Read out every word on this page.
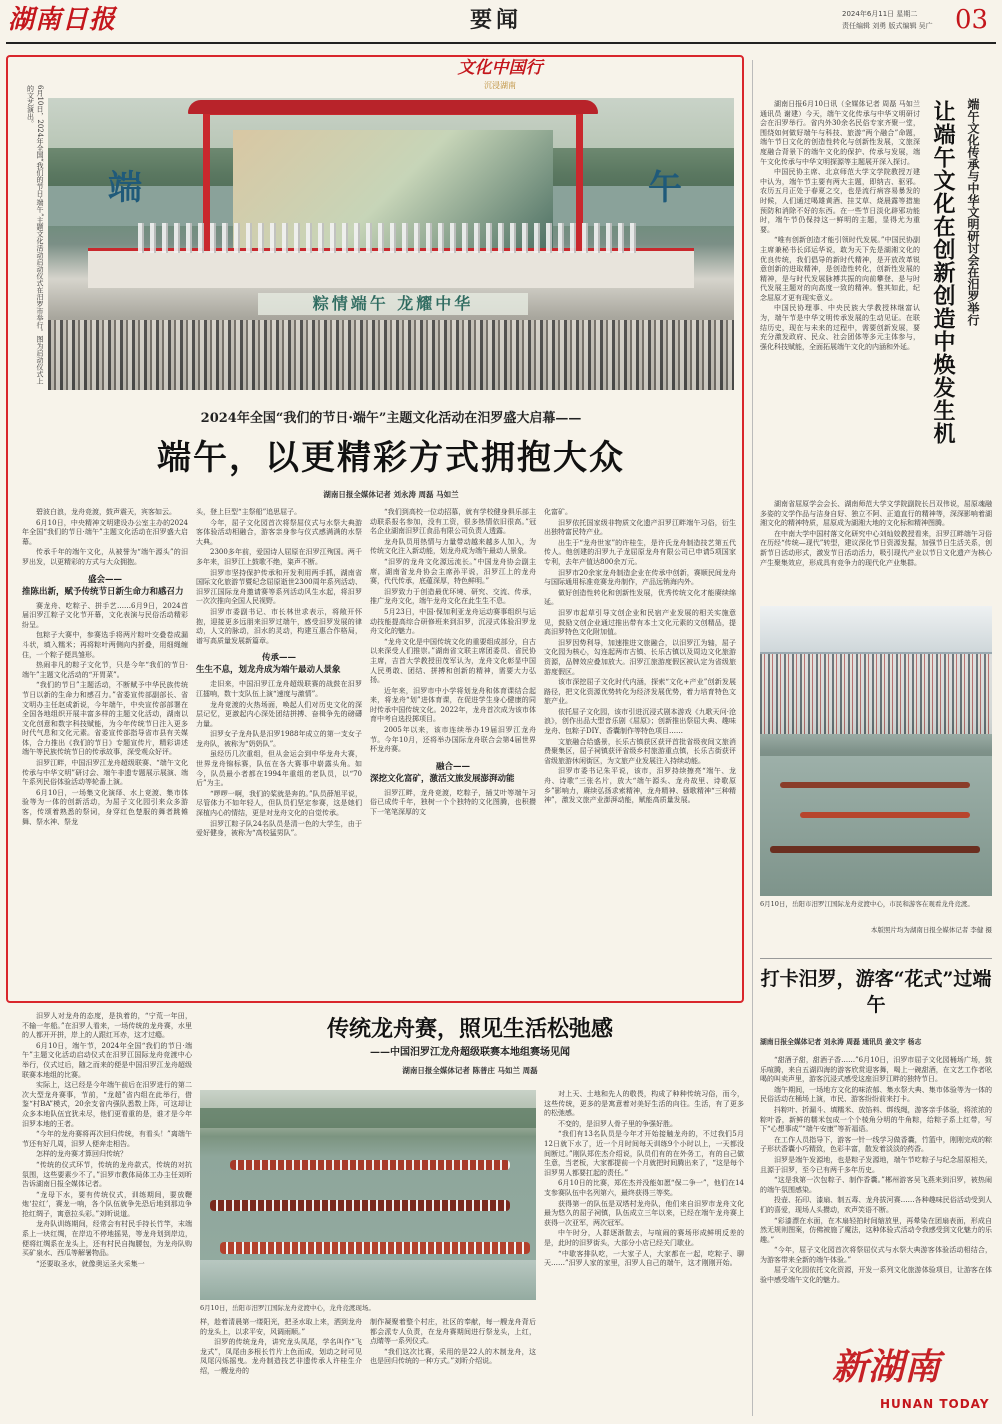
湖南日报	要闻	2024年6月11日 星期二
责任编辑 刘勇 版式编辑 吴广 03
文化中国行
沉浸湖南
6月10日，2024年全国“我们的节日·端午”主题文化活动启动仪式在汨罗市举行。图为启动仪式上的文艺演出。
端	午
粽情端午 龙耀中华
2024年全国“我们的节日·端午”主题文化活动在汨罗盛大启幕——
端午，以更精彩方式拥抱大众
湖南日报全媒体记者 刘永涛 周磊 马如兰

碧波白浪，龙舟竞渡，鼓声震天，宾客如云。

6月10日，中央精神文明建设办公室主办的2024年全国“我们的节日·端午”主题文化活动在汨罗盛大启幕。

传承千年的端午文化，从被誉为“端午源头”的汨罗出发，以更精彩的方式与大众拥抱。

盛会——
推陈出新，赋予传统节日新生命力和感召力

赛龙舟、吃粽子、拼手艺……6月9日，2024首届汨罗江粽子文化节开幕，文化表演与民俗活动精彩纷呈。

包粽子大赛中，参赛选手将两片粽叶交叠卷成漏斗状，填入糯米；再将粽叶两侧向内折叠，用细绳缠住，一个粽子便具雏形。

热闹非凡的粽子文化节，只是今年“我们的节日·端午”主题文化活动的“开胃菜”。

“我们的节日”主题活动，不断赋予中华民族传统节日以新的生命力和感召力。”省委宣传部副部长、省文明办主任赵成新说，今年端午，中央宣传部部署在全国各地组织开展丰富多样的主题文化活动，湖南以文化创意和数字科技赋能，为今年传统节日注入更多时代气息和文化元素。省委宣传部指导省市县有关媒体，合力推出《我们的节日》专题宣传片，精彩讲述端午等民族传统节日的传承故事，深受观众好评。

汨罗江畔，中国汨罗江龙舟超级联赛、“端午文化传承与中华文明”研讨会、端午非遗专题展示展演、端午系列民俗体验活动等轮番上演。

6月10日，一场集文化演绎、水上竞渡、集市体验等为一体的创新活动，为屈子文化园引来众多游客，传颂着熟悉的祭词，身穿红色楚服的舞者跳傩舞、祭水神、祭龙

头，登上巨型“主祭船”追思屈子。

今年，屈子文化园首次将祭屈仪式与水祭大典游客体验活动相融合，游客亲身参与仪式感满满的水祭大典。

2300多年前，爱国诗人屈原在汨罗江殉国。两千多年来，汨罗江上鼓歌不绝，粢声不断。

汨罗市坚持保护传承和开发利用两手抓，湖南省国际文化旅游节暨纪念屈原逝世2300周年系列活动、汨罗江国际龙舟邀请赛等系列活动风生水起，将汨罗一次次推向全国人民视野。

汨罗市委副书记、市长林世求表示，将敞开怀抱，迎接更多远朋来汨罗过端午，感受汨罗发展的律动，人文的脉动，汨水的灵动，构建互惠合作格局，谱写高质量发展新篇章。

传承——
生生不息，划龙舟成为端午最动人景象

走旧来，中国汨罗江龙舟超级联赛的战鼓在汨罗江擂响，数十支队伍上演“速度与激情”。

龙舟竞渡的火热场面，唤起人们对历史文化的深层记忆，更激起内心深处团结拼搏、奋楫争先的磅礴力量。

汨罗女子龙舟队是汨罗1988年成立的第一支女子龙舟队，被称为“奶奶队”。

虽经历几次重组，但从金运会到中华龙舟大赛，世界龙舟锦标赛，队伍在各大赛事中崭露头角。如今，队员最小者都在1994年重组的老队员，以“70后”为主。

“啰啰一啊，我们的桨就是奔的。”队员薛旭平说，尽管体力不如年轻人，但队员们坚定参赛，这是她们深植内心的情结，更是对龙舟文化的自觉传承。

汨罗江粽子队24名队员是清一色的大学生，由于爱好健身，被称为“高校猛男队”。

“我们到高校一位动招慕，就有学校健身俱乐部主动联系报名参加，没有工资，很多热情依旧很高。”冠名企业湖南汨罗江食品有限公司负责人透露。

龙舟队员用热情与力量带动越来越多人加入，为传统文化注入新动能，划龙舟成为端午最动人景象。

“汨罗的龙舟文化源远流长。”中国龙舟协会副主席，湖南省龙舟协会主席孙平说，汨罗江上的龙舟赛，代代传承，底蕴深厚，特色鲜明。”

汨罗致力于创造最优环境、研究、交流、传承，推广龙舟文化，端午龙舟文化在此生生不息。

5月23日，中国·保加利亚龙舟运动赛事组织与运动技能提高综合研修班来到汨罗，沉浸式体验汨罗龙舟文化的魅力。

“龙舟文化是中国传统文化的重要组成部分，自古以来深受人们推崇。”湖南省文联主席团委员、省民协主席，吉首大学教授田茂军认为，龙舟文化彰显中国人民勇敢、团结、拼搏和创新的精神，需要大力弘扬。

近年来，汨罗市中小学将划龙舟和体育课结合起来，将龙舟“划”进体育课，在促进学生身心健康的同时传承中国传统文化。2022年，龙舟首次成为该市体育中考自选投掷项目。

2005年以来，该市连续举办19届汨罗江龙舟节。今年10月，还将举办国际龙舟联合会第4届世界杯龙舟赛。

融合——
深挖文化富矿，激活文旅发展澎湃动能

汨罗江畔，龙舟竞渡，吃粽子，插艾叶等端午习俗已成传千年，独树一个个独特的文化图腾，也积攒下一笔笔深厚的文

化富矿。

汨罗依托国家级非物质文化遗产汨罗江畔端午习俗，衍生出独特富民特产业。

出生于“龙舟世家”的许桂生，是许氏龙舟制造技艺第五代传人。他创建的汨罗九子龙屈原龙舟有限公司已申请5项国家专利，去年产值达800余万元。

汨罗市20余家龙舟制造企业在传承中创新，赛顺民间龙舟与国际通用标准竞赛龙舟制作，产品远销海内外。

做好创造性转化和创新性发展，优秀传统文化才能赓续绵延。

汨罗市起草引导文创企业和民宿产业发展的相关实施意见，鼓励文创企业通过推出带有本土文化元素的文创精品，提高汨罗特色文化附加值。

汨罗因势利导，加速推进文旅融合，以汨罗江为轴，屈子文化园为核心，勾连起两市古镇、长乐古镇以及周边文化旅游资源，品牌效应叠加放大。汨罗江旅游度假区被认定为省级旅游度假区。

该市深挖屈子文化时代内涵，探索“文化+产业”创新发展路径，把文化资源优势转化为经济发展优势，着力培育特色文旅产业。

依托屈子文化园，该市引进沉浸式剧本游戏《九歌天问·沧浪》，创作出品大型音乐剧《屈原》；创新推出祭屈大典、趣味龙舟、包粽子DIY、香囊制作等特色项目……

文旅融合给盛景，长乐古镇获区获评首批省级夜间文旅消费聚集区，屈子祠镇获评省级乡村旅游重点镇，长乐古街获评省级旅游休闲街区，为文旅产业发展注入持续动能。

汨罗市委书记朱平说，该市，汨罗持续擦亮“端午、龙舟、诗歌”三张名片，放大“端午源头、龙舟故里、诗歌原乡”影响力，赓续弘扬求索精神，龙舟精神、骚歌精神“三种精神”，激发文旅产业澎湃动能，赋能高质量发展。

端午文化传承与中华文明研讨会在汨罗举行
让端午文化在创新创造中焕发生机

湖南日报6月10日讯（全媒体记者 周磊 马如兰 通讯员 谢建）今天，端午文化传承与中华文明研讨会在汨罗举行。省内外30余名民俗专家齐聚一堂，围绕如何做好端午与科技、旅游“两个融合”命题，端午节日文化的创造性转化与创新性发展，文旅深度融合背景下的端午文化的保护、传承与发展，端午文化传承与中华文明探源等主题展开深入探讨。

中国民协主席、北京师范大学文学院教授万建中认为，端午节主要有两大主题，即纳吉、驱邪。农历五月正处于春夏之交，也是流行病容易暴发的时候，人们通过喝雄黄酒、挂艾草、烧晨露等措施预防和消除不好的东西。在一些节日淡化辟邪功能时，端午节仍保持这一鲜明的主题，显得尤为重要。

“唯有创新创造才能引领时代发展。”中国民协副主席兼秘书长邱运华说，敢为天下先是湖湘文化的优良传统，我们倡导的新时代精神，是开放改革锐意创新的进取精神，是创造性转化，创新性发展的精神，是与时代发展脉搏共振的向前攀登、是与时代发展主题对的向高度一致的精神。惟其如此，纪念屈原才更有现实意义。

中国民协理事、中央民族大学教授林继富认为，端午节是中华文明传承发展的生动见证。在联结历史，现在与未来的过程中，需要创新发展，要充分激发政府、民众、社会团体等多元主体参与，强化科技赋能，全面拓展端午文化的内涵和外延。

湖南省屈原学会会长、湖南师范大学文学院副院长吕双伟说，屈原魂融多姿的文学作品与洁身自好、独立不阿、正道直行的精神等，深深影响着湖湘文化的精神特质，屈原成为湖湘大地的文化标和精神图腾。

在中南大学中国村落文化研究中心刘灿姣教授看来，汨罗江畔端午习俗在历经“传统—现代”转型，建议深化节日资源发掘，加强节日生活关系，创新节日活动形式，激发节日活动活力，吸引现代产业以节日文化遗产为核心产生聚集效应，形成具有竞争力的现代化产业集群。

6月10日，岳阳市汨罗江国际龙舟竞渡中心，市民和游客在观看龙舟竞渡。
本版照片均为湖南日报全媒体记者 李健 摄
打卡汨罗，游客“花式”过端午
湖南日报全媒体记者 刘永涛 周磊 通讯员 姜文宇 杨志

“甜酒子甜，甜酒子香……”6月10日，汨罗市屈子文化园桶场广场，鼓乐喧腾，来自五湖四海的游客欣赏迎客舞，喝上一碗甜酒，在文艺工作者吆喝的叫卖声里，游客沉浸式感受这座汨罗江畔的独特节日。

端午期间，一场地方文化的味浓郁、集水祭大典、集市体验等为一体的民俗活动在桶场上演，市民、游客纷纷前来打卡。

抖粽叶、折漏斗、填糯米、放馅料、绑线绳，游客亲手体验，将浓浓的粽叶香，新鲜的糯米包成一个个棱角分明的牛角粽，给粽子系上红带，写下“心想事成”“端午安康”等祈福语。

在工作人员指导下，游客一针一线学习做香囊，竹篮中，刚刚完成的粽子形状香囊小巧精致，色彩丰富，散发着淡淡的药香。

汨罗是端午发源地，也是粽子发源地，端午节吃粽子与纪念屈原相关，且源于汨罗，至今已有两千多年历史。

“这是我第一次包粽子、制作香囊。”郴州游客吴飞燕来到汨罗，被热闹的端午氛围感染。

投壶、拓印、漆扇、制五毒、龙舟拔河赛……各种趣味民俗活动受到人们的喜爱，现场人头攒动，欢声笑语不断。

“彩漆漂在水面，在木扇轻拍时间缩放里，再晕染在团扇表面，形成自然无规则图案，仿佛被施了魔法，这种体验式活动令我感受到文化魅力的乐趣。”

“今年，屈子文化园首次将祭屈仪式与水祭大典游客体验活动相结合，为游客带来全新的端午体验。”

屈子文化园依托文化资源，开发一系列文化旅游体验项目，让游客在体验中感受端午文化的魅力。

传统龙舟赛，照见生活松弛感
——中国汨罗江龙舟超级联赛本地组赛场见闻
湖南日报全媒体记者 陈普庄 马如兰 周磊

汨罗人对龙舟的态度，是执着的，“宁荒一年田，不输一年船。”在汨罗人看来，一场传统的龙舟赛，水里的人都开开拼，岸上的人跟红耳赤，这才过瘾。

6月10日，端午节，2024年全国“我们的节日·端午”主题文化活动启动仪式在汨罗江国际龙舟竞渡中心举行，仪式过后，随之而来的便是中国汨罗江龙舟超级联赛本地组的比赛。

实际上，这已经是今年端午前后在汨罗进行的第二次大型龙舟赛事，节前，“龙超”省内组在此举行，借鉴“村BA”模式，20余支省内强队悉数上阵，可这却让众多本地队伍宜犹未尽，他们更看重的是，谁才是今年汨罗本地的王者。

“今年的龙舟赛将再次回归传统，有看头！”离端午节还有好几周，汨罗人便奔走相告。

怎样的龙舟赛才算回归传统？

“传统的仪式环节，传统的龙舟款式，传统的对抗氛围，这些要素少不了。”汨罗市教体局体工办主任刘昕告诉湖南日报全媒体记者。

“龙母下水，要有传统仪式，训练期间，要放鞭炮‘拉红’，赛龙一响，各个队伍就争先恐后地到那边争抢红绸子，寓意拉头彩。”刘昕说道。

龙舟队训练期间，经常会有村民手持长竹竿，末端系上一块红绸，在岸边不停地摇晃，等龙舟划到岸边，便将红绸系在龙头上，还有村民自掏腰包，为龙舟队购买矿泉水、西瓜等解暑物品。

“还要取圣水，就像奥运圣火采集一

6月10日，岳阳市汨罗江国际龙舟竞渡中心，龙舟竞渡现场。

样，趁着清晨第一缕阳光，把圣水取上来，洒到龙舟的龙头上，以求平安，风调雨顺。”

汨罗的传统龙舟，讲究龙头凤尾，学名叫作“飞龙式”，凤尾由多根长竹片上色而成，划动之时可见凤尾闪烁摇曳。龙舟制造技艺非遗传承人许桂生介绍，一艘龙舟的

制作凝聚着整个村庄，社区的奉献，每一艘龙舟背后都会派专人负责，在龙舟赛期间进行祭龙头，上红，点睛等一系列仪式。

“我们这次比赛，采用的是22人的木制龙舟，这也是回归传统的一种方式。”刘昕介绍说。

对上天、土地和先人的敬畏，构成了种种传统习俗，而今，这些传统，更多的是寓意着对美好生活的向往。生活，有了更多的松弛感。

不变的，是汨罗人骨子里的争强好胜。

“我们有13名队员是今年才开始接触龙舟的，不过我们5月12日就下水了，近一个月时间每天训练9个小时以上，一天都没间断过。”刚队郑佐杰介绍说，队员们有的在外务工，有的自己做生意，当老板，大家都提前一个月就把时间腾出来了，“这是每个汨罗男人都要扛起的责任。”

6月10日的比赛，郑佐杰并没能如愿“保二争一”，他们在14支参赛队伍中名列第六，最终获得三等奖。

获得第一的队伍是双塔村龙舟队，他们来自汨罗市龙舟文化最为悠久的屈子祠镇，队伍成立三年以来，已经在端午龙舟赛上获得一次亚军，两次冠军。

中午时分，人群逐渐散去，与喧闹的赛场形成鲜明反差的是，此时的汨罗街头，大部分小店已经关门歇业。

“中歇客排队吃，一大家子人，大家都在一起，吃粽子、聊天……”汨罗人家的家里，汨罗人自己的端午，这才刚刚开始。

新湖南
HUNAN TODAY
